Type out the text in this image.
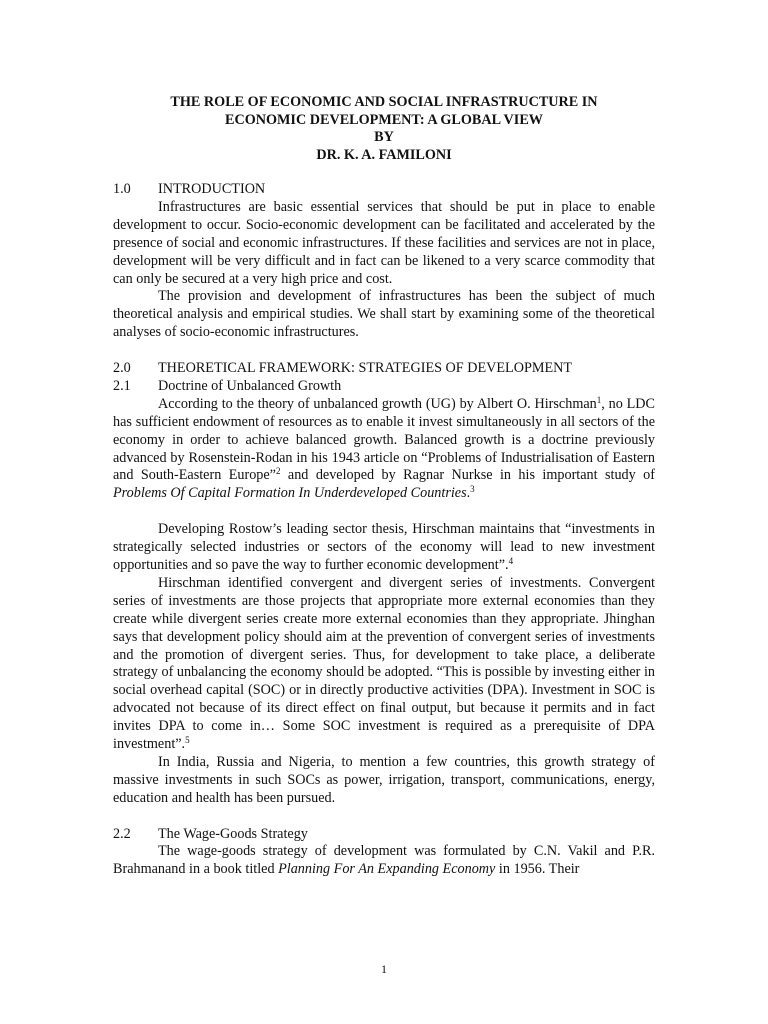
THE ROLE OF ECONOMIC AND SOCIAL INFRASTRUCTURE IN
ECONOMIC DEVELOPMENT: A GLOBAL VIEW
BY
DR. K. A. FAMILONI
1.0	INTRODUCTION

Infrastructures are basic essential services that should be put in place to enable development to occur. Socio-economic development can be facilitated and accelerated by the presence of social and economic infrastructures. If these facilities and services are not in place, development will be very difficult and in fact can be likened to a very scarce commodity that can only be secured at a very high price and cost.

The provision and development of infrastructures has been the subject of much theoretical analysis and empirical studies. We shall start by examining some of the theoretical analyses of socio-economic infrastructures.

2.0	THEORETICAL FRAMEWORK: STRATEGIES OF DEVELOPMENT
2.1	Doctrine of Unbalanced Growth

According to the theory of unbalanced growth (UG) by Albert O. Hirschman$^1$, no LDC has sufficient endowment of resources as to enable it invest simultaneously in all sectors of the economy in order to achieve balanced growth. Balanced growth is a doctrine previously advanced by Rosenstein-Rodan in his 1943 article on “Problems of Industrialisation of Eastern and South-Eastern Europe”$^2$ and developed by Ragnar Nurkse in his important study of Problems Of Capital Formation In Underdeveloped Countries.$^3$

Developing Rostow’s leading sector thesis, Hirschman maintains that “investments in strategically selected industries or sectors of the economy will lead to new investment opportunities and so pave the way to further economic development”.$^4$

Hirschman identified convergent and divergent series of investments. Convergent series of investments are those projects that appropriate more external economies than they create while divergent series create more external economies than they appropriate. Jhinghan says that development policy should aim at the prevention of convergent series of investments and the promotion of divergent series. Thus, for development to take place, a deliberate strategy of unbalancing the economy should be adopted. “This is possible by investing either in social overhead capital (SOC) or in directly productive activities (DPA). Investment in SOC is advocated not because of its direct effect on final output, but because it permits and in fact invites DPA to come in… Some SOC investment is required as a prerequisite of DPA investment”.$^5$

In India, Russia and Nigeria, to mention a few countries, this growth strategy of massive investments in such SOCs as power, irrigation, transport, communications, energy, education and health has been pursued.

2.2	The Wage-Goods Strategy

The wage-goods strategy of development was formulated by C.N. Vakil and P.R. Brahmanand in a book titled Planning For An Expanding Economy in 1956. Their

1
